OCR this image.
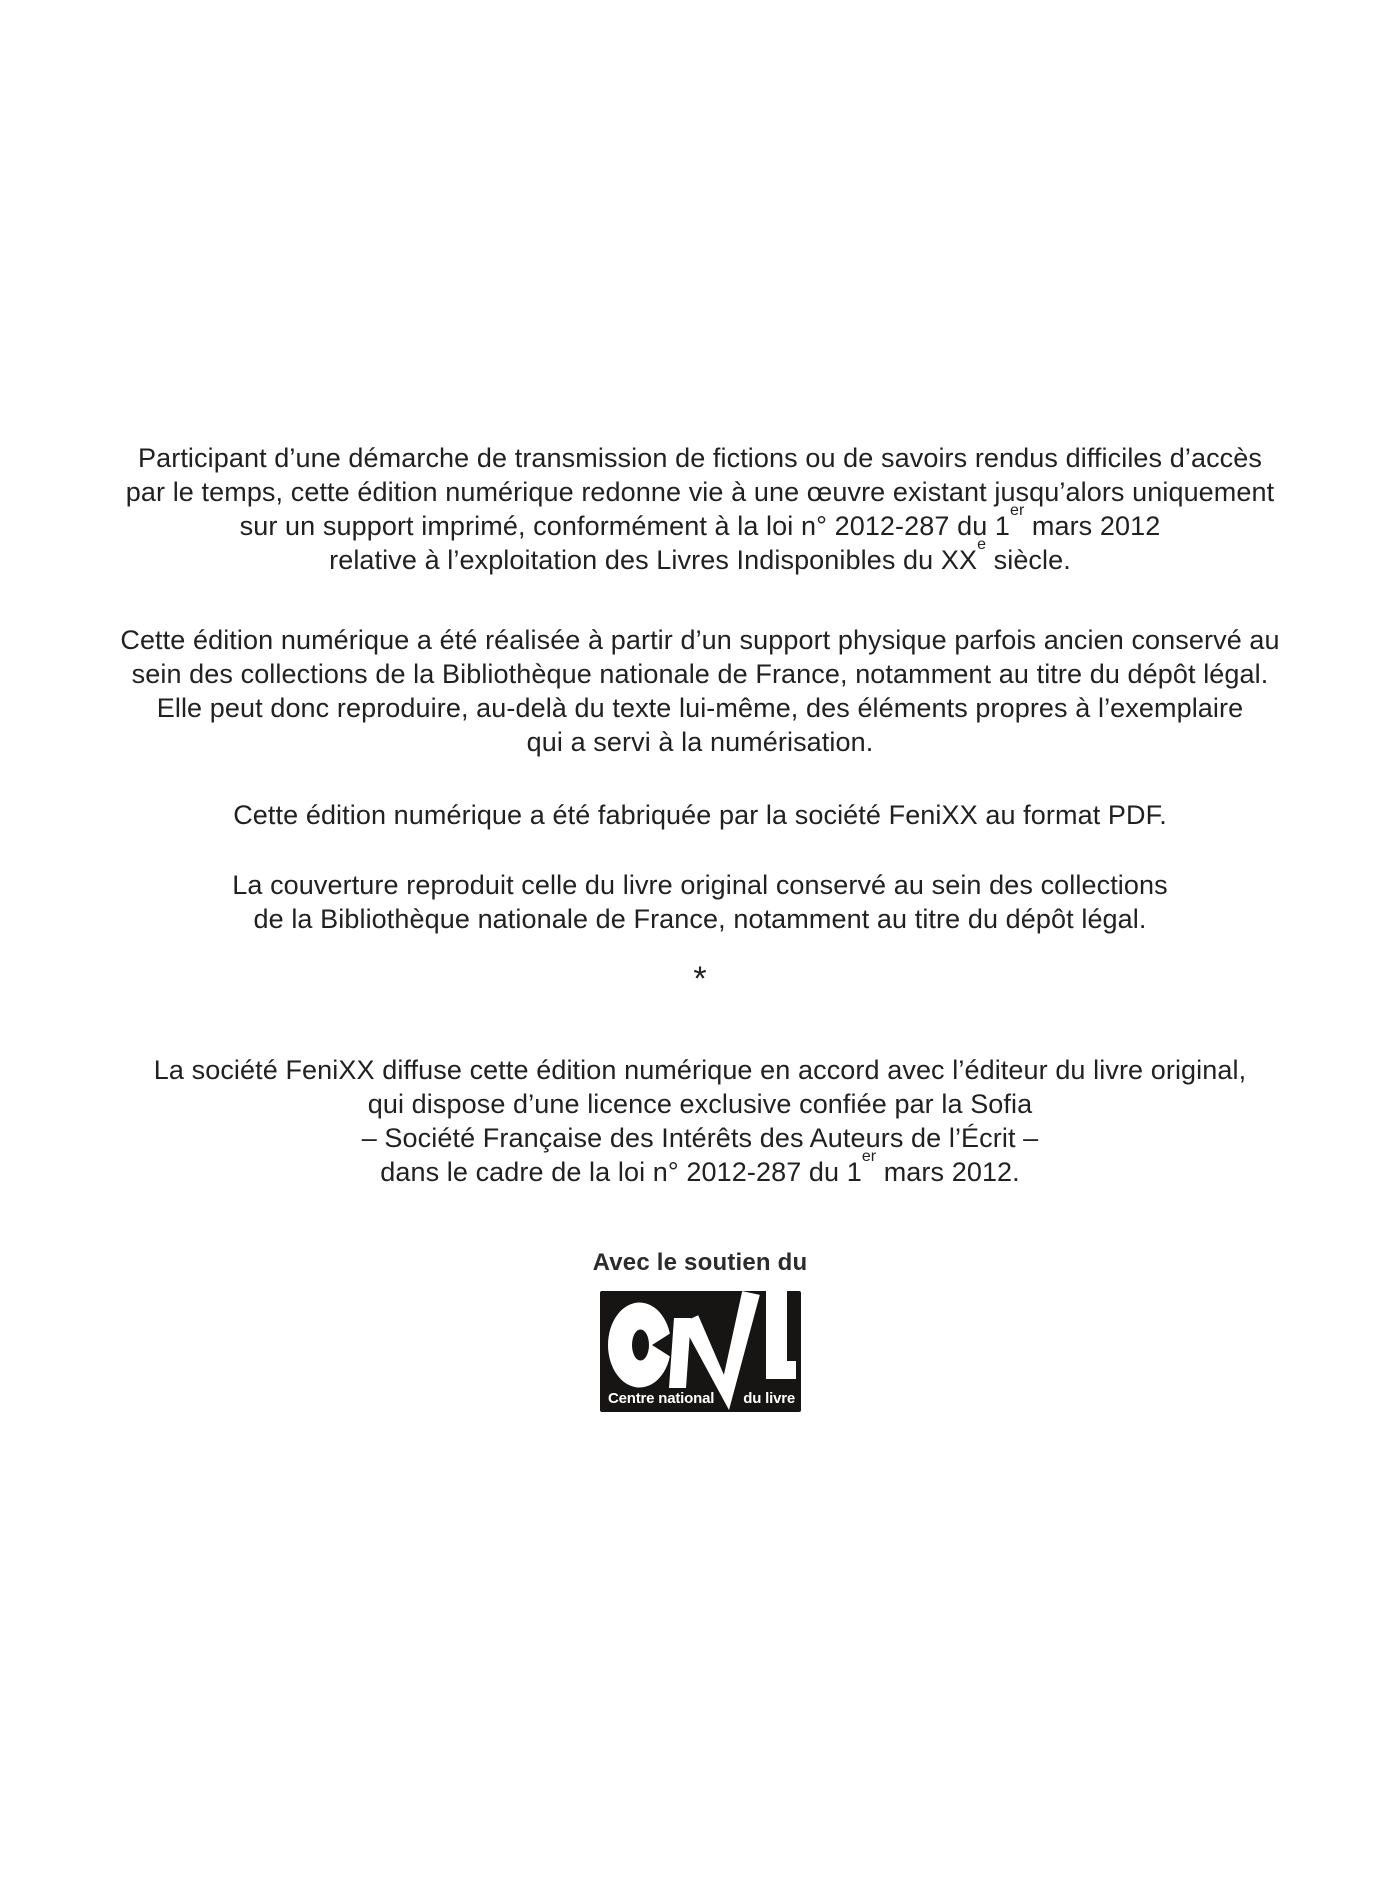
Participant d’une démarche de transmission de fictions ou de savoirs rendus difficiles d’accès
par le temps, cette édition numérique redonne vie à une œuvre existant jusqu’alors uniquement
sur un support imprimé, conformément à la loi n° 2012-287 du 1er mars 2012
relative à l’exploitation des Livres Indisponibles du XXe siècle.

Cette édition numérique a été réalisée à partir d’un support physique parfois ancien conservé au
sein des collections de la Bibliothèque nationale de France, notamment au titre du dépôt légal.
Elle peut donc reproduire, au-delà du texte lui-même, des éléments propres à l’exemplaire
qui a servi à la numérisation.

Cette édition numérique a été fabriquée par la société FeniXX au format PDF.

La couverture reproduit celle du livre original conservé au sein des collections
de la Bibliothèque nationale de France, notamment au titre du dépôt légal.

*

La société FeniXX diffuse cette édition numérique en accord avec l’éditeur du livre original,
qui dispose d’une licence exclusive confiée par la Sofia
– Société Française des Intérêts des Auteurs de l’Écrit –
dans le cadre de la loi n° 2012-287 du 1er mars 2012.

Avec le soutien du
Centre national du livre
